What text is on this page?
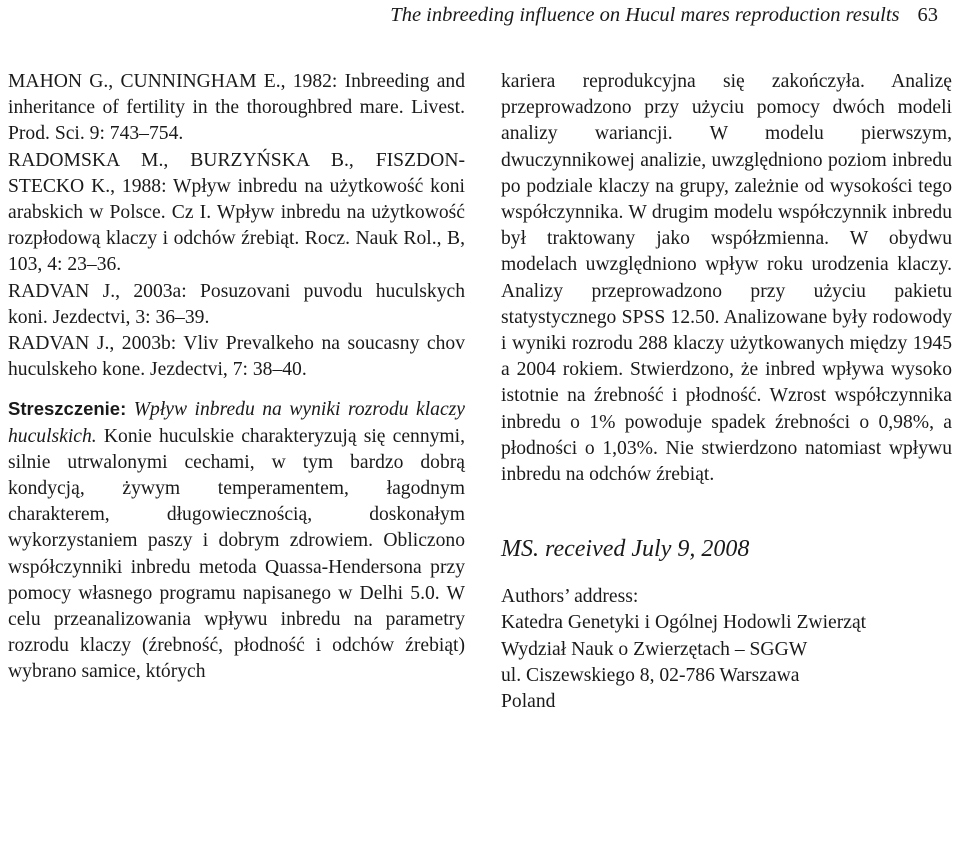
The inbreeding influence on Hucul mares reproduction results 63
MAHON G., CUNNINGHAM E., 1982: Inbreeding and inheritance of fertility in the thoroughbred mare. Livest. Prod. Sci. 9: 743–754.
RADOMSKA M., BURZYŃSKA B., FISZDON-STECKO K., 1988: Wpływ inbredu na użytkowość koni arabskich w Polsce. Cz I. Wpływ inbredu na użytkowość rozpłodową klaczy i odchów źrebiąt. Rocz. Nauk Rol., B, 103, 4: 23–36.
RADVAN J., 2003a: Posuzovani puvodu huculskych koni. Jezdectvi, 3: 36–39.
RADVAN J., 2003b: Vliv Prevalkeho na soucasny chov huculskeho kone. Jezdectvi, 7: 38–40.
Streszczenie: Wpływ inbredu na wyniki rozrodu klaczy huculskich. Konie huculskie charakteryzują się cennymi, silnie utrwalonymi cechami, w tym bardzo dobrą kondycją, żywym temperamentem, łagodnym charakterem, długowiecznością, doskonałym wykorzystaniem paszy i dobrym zdrowiem. Obliczono współczynniki inbredu metoda Quassa-Hendersona przy pomocy własnego programu napisanego w Delhi 5.0. W celu przeanalizowania wpływu inbredu na parametry rozrodu klaczy (źrebność, płodność i odchów źrebiąt) wybrano samice, których

kariera reprodukcyjna się zakończyła. Analizę przeprowadzono przy użyciu pomocy dwóch modeli analizy wariancji. W modelu pierwszym, dwuczynnikowej analizie, uwzględniono poziom inbredu po podziale klaczy na grupy, zależnie od wysokości tego współczynnika. W drugim modelu współczynnik inbredu był traktowany jako współzmienna. W obydwu modelach uwzględniono wpływ roku urodzenia klaczy. Analizy przeprowadzono przy użyciu pakietu statystycznego SPSS 12.50. Analizowane były rodowody i wyniki rozrodu 288 klaczy użytkowanych między 1945 a 2004 rokiem. Stwierdzono, że inbred wpływa wysoko istotnie na źrebność i płodność. Wzrost współczynnika inbredu o 1% powoduje spadek źrebności o 0,98%, a płodności o 1,03%. Nie stwierdzono natomiast wpływu inbredu na odchów źrebiąt.

MS. received July 9, 2008
Authors’ address:
Katedra Genetyki i Ogólnej Hodowli Zwierząt
Wydział Nauk o Zwierzętach – SGGW
ul. Ciszewskiego 8, 02-786 Warszawa
Poland
